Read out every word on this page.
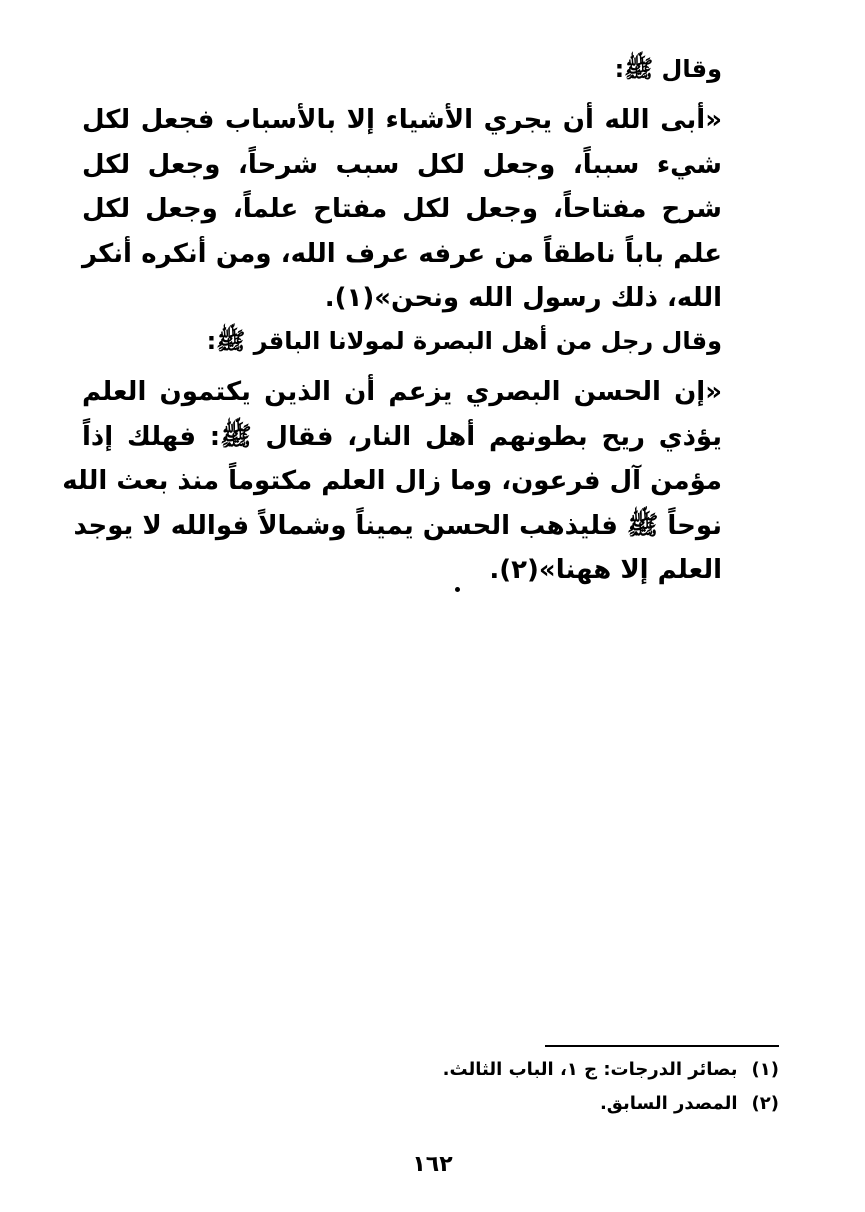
وقال ﷺ:
«أبى الله أن يجري الأشياء إلا بالأسباب فجعل لكل
شيء سبباً، وجعل لكل سبب شرحاً، وجعل لكل
شرح مفتاحاً، وجعل لكل مفتاح علماً، وجعل لكل
علم باباً ناطقاً من عرفه عرف الله، ومن أنكره أنكر
الله، ذلك رسول الله ونحن»(١).
وقال رجل من أهل البصرة لمولانا الباقر ﷺ:
«إن الحسن البصري يزعم أن الذين يكتمون العلم
يؤذي ريح بطونهم أهل النار، فقال ﷺ: فهلك إذاً
مؤمن آل فرعون، وما زال العلم مكتوماً منذ بعث الله
نوحاً ﷺ فليذهب الحسن يميناً وشمالاً فوالله لا يوجد
العلم إلا ههنا»(٢).
(١)بصائر الدرجات: ج ١، الباب الثالث.
(٢)المصدر السابق.
١٦٢
